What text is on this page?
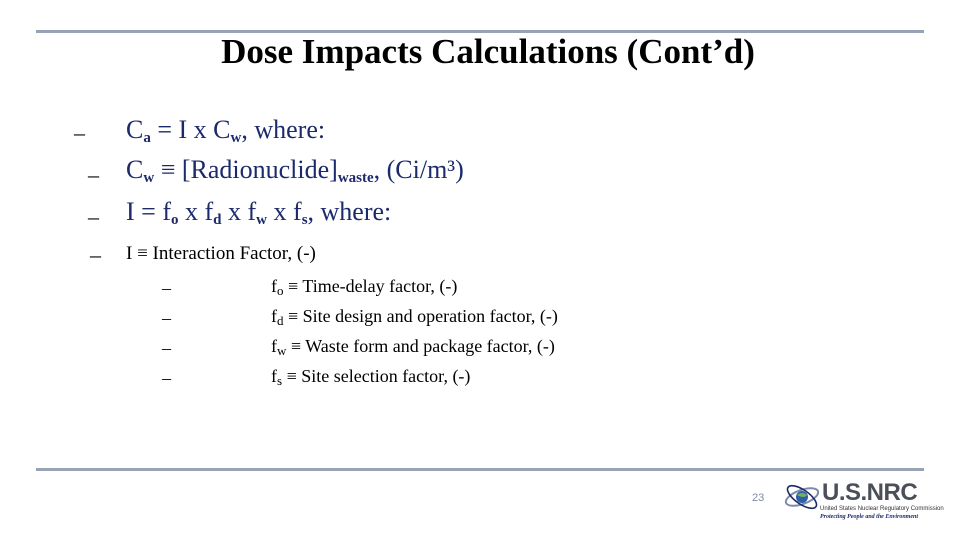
Dose Impacts Calculations (Cont’d)
– $C_a = I$ x $C_w$, where:
– $C_w$ ≡ $[Radionuclide]_{waste}$, (Ci/m³)
– $I = f_o$ x $f_d$ x $f_w$ x $f_s$, where:
– I ≡ Interaction Factor, (-)
–	fo ≡ Time-delay factor, (-)
–	fd ≡ Site design and operation factor, (-)
–	fw ≡ Waste form and package factor, (-)
–	fs ≡ Site selection factor, (-)
23 U.S.NRC
United States Nuclear Regulatory Commission
Protecting People and the Environment
